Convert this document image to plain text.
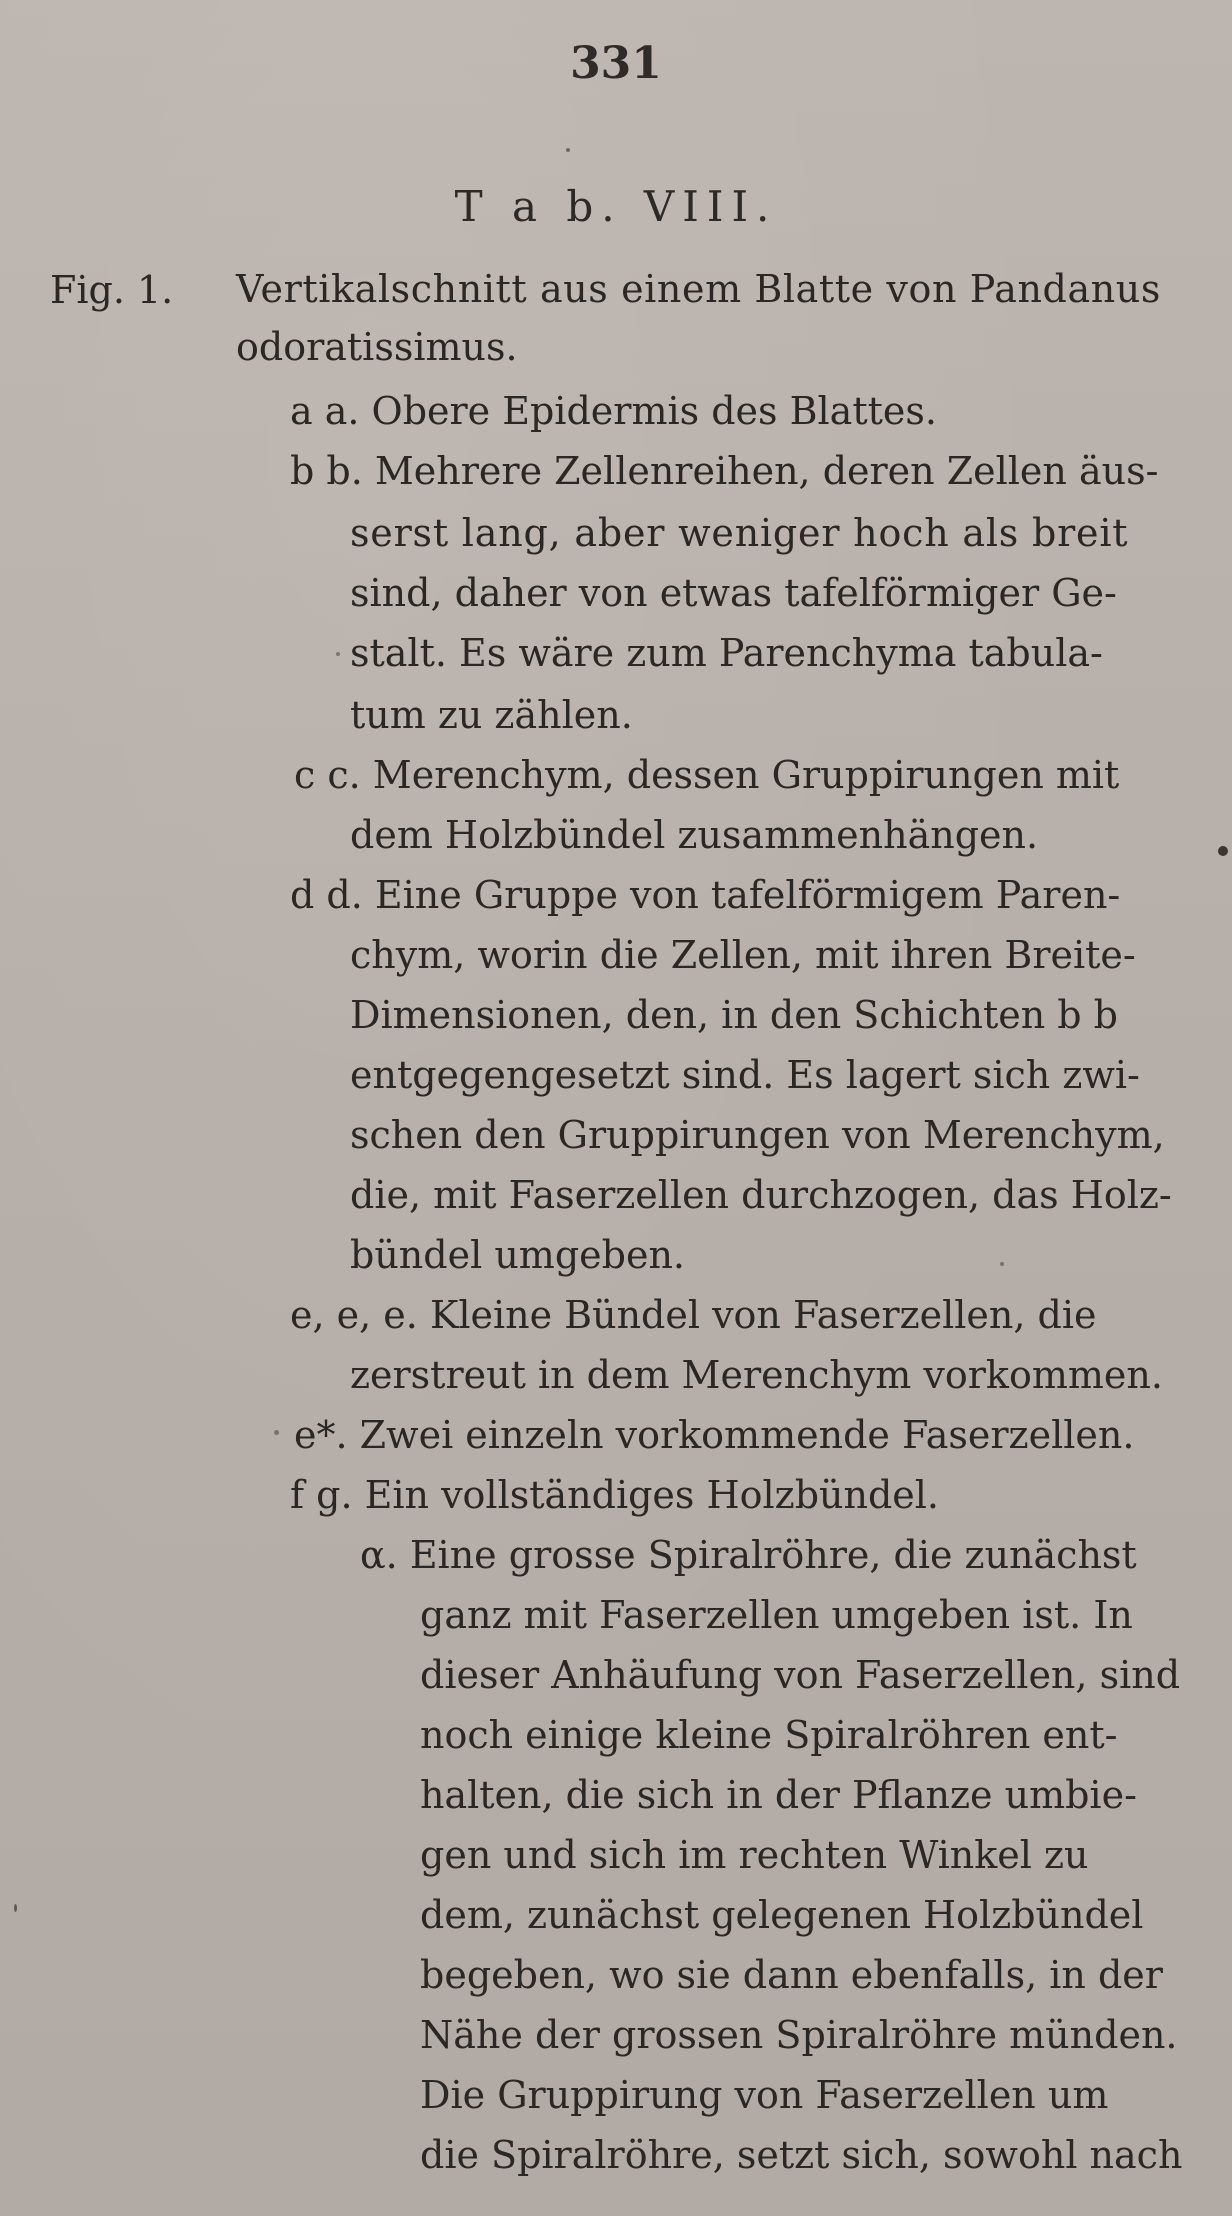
331
T a b. VIII.
Fig. 1. Vertikalschnitt aus einem Blatte von Pandanus
odoratissimus.
a a. Obere Epidermis des Blattes.
b b. Mehrere Zellenreihen, deren Zellen äus-
serst lang, aber weniger hoch als breit
sind, daher von etwas tafelförmiger Ge-
stalt. Es wäre zum Parenchyma tabula-
tum zu zählen.
c c. Merenchym, dessen Gruppirungen mit
dem Holzbündel zusammenhängen.
d d. Eine Gruppe von tafelförmigem Paren-
chym, worin die Zellen, mit ihren Breite-
Dimensionen, den, in den Schichten b b
entgegengesetzt sind. Es lagert sich zwi-
schen den Gruppirungen von Merenchym,
die, mit Faserzellen durchzogen, das Holz-
bündel umgeben.
e, e, e. Kleine Bündel von Faserzellen, die
zerstreut in dem Merenchym vorkommen.
e*. Zwei einzeln vorkommende Faserzellen.
f g. Ein vollständiges Holzbündel.
α. Eine grosse Spiralröhre, die zunächst
ganz mit Faserzellen umgeben ist. In
dieser Anhäufung von Faserzellen, sind
noch einige kleine Spiralröhren ent-
halten, die sich in der Pflanze umbie-
gen und sich im rechten Winkel zu
dem, zunächst gelegenen Holzbündel
begeben, wo sie dann ebenfalls, in der
Nähe der grossen Spiralröhre münden.
Die Gruppirung von Faserzellen um
die Spiralröhre, setzt sich, sowohl nach
